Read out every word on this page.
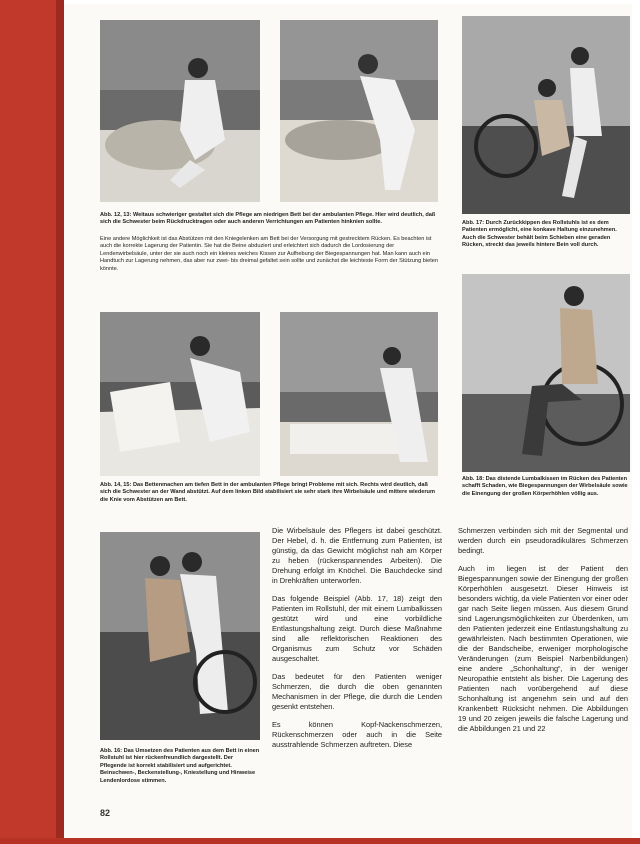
Abb. 12, 13: Weitaus schwieriger gestaltet sich die Pflege am niedrigen Bett bei der ambulanten Pflege. Hier wird deutlich, daß sich die Schwester beim Rückdrucktragen oder auch anderen Verrichtungen am Patienten hinknien sollte.
Eine andere Möglichkeit ist das Abstützen mit den Kniegelenken am Bett bei der Versorgung mit gestrecktem Rücken. Es beachten ist auch die korrekte Lagerung der Patientin. Sie hat die Beine abduziert und erleichtert sich dadurch die Lordosierung der Lendenwirbelsäule, unter der sie auch noch ein kleines weiches Kissen zur Aufhebung der Biegespannungen hat. Man kann auch ein Handtuch zur Lagerung nehmen, das aber nur zwei- bis dreimal gefaltet sein sollte und zunächst die leichteste Form der Stützung bieten könnte.
Abb. 17: Durch Zurückkippen des Rollstuhls ist es dem Patienten ermöglicht, eine konkave Haltung einzunehmen. Auch die Schwester behält beim Schieben eine geraden Rücken, streckt das jeweils hintere Bein voll durch.
Abb. 14, 15: Das Bettenmachen am tiefen Bett in der ambulanten Pflege bringt Probleme mit sich. Rechts wird deutlich, daß sich die Schwester an der Wand abstützt. Auf dem linken Bild stabilisiert sie sehr stark ihre Wirbelsäule und mittere wiederum die Knie vom Abstützen am Bett.
Abb. 18: Das distende Lumbalkissen im Rücken des Patienten schafft Schaden, wie Biegespannungen der Wirbelsäule sowie die Einengung der großen Körperhöhlen völlig aus.
Abb. 16: Das Umsetzen des Patienten aus dem Bett in einen Rollstuhl ist hier rückenfreundlich dargestellt. Der Pflegende ist korrekt stabilisiert und aufgerichtet. Beinschwen-, Beckenstellung-, Kniestellung und Hinweise Lendenlordose stimmen.

Die Wirbelsäule des Pflegers ist dabei geschützt. Der Hebel, d. h. die Entfernung zum Patienten, ist günstig, da das Gewicht möglichst nah am Körper zu heben (rückenspannendes Arbeiten). Die Drehung erfolgt im Knöchel. Die Bauchdecke sind in Drehkräften unterworfen.

Das folgende Beispiel (Abb. 17, 18) zeigt den Patienten im Rollstuhl, der mit einem Lumbalkissen gestützt wird und eine vorbildliche Entlastungshaltung zeigt. Durch diese Maßnahme sind alle reflektorischen Reaktionen des Organismus zum Schutz vor Schäden ausgeschaltet.

Das bedeutet für den Patienten weniger Schmerzen, die durch die oben genannten Mechanismen in der Pflege, die durch die Lenden gesenkt entstehen.

Es können Kopf-Nackenschmerzen, Rückenschmerzen oder auch in die Seite ausstrahlende Schmerzen auftreten. Diese

Schmerzen verbinden sich mit der Segmental und werden durch ein pseudoradikuläres Schmerzen bedingt.

Auch im liegen ist der Patient den Biegespannungen sowie der Einengung der großen Körperhöhlen ausgesetzt. Dieser Hinweis ist besonders wichtig, da viele Patienten vor einer oder gar nach Seite liegen müssen. Aus diesem Grund sind Lagerungsmöglichkeiten zur Überdenken, um den Patienten jederzeit eine Entlastungshaltung zu gewährleisten. Nach bestimmten Operationen, wie die der Bandscheibe, erweniger morphologische Veränderungen (zum Beispiel Narbenbildungen) eine andere „Schonhaltung“, in der weniger Neuropathie entsteht als bisher. Die Lagerung des Patienten nach vorübergehend auf diese Schonhaltung ist angenehm sein und auf den Krankenbett Rücksicht nehmen. Die Abbildungen 19 und 20 zeigen jeweils die falsche Lagerung und die Abbildungen 21 und 22

82
